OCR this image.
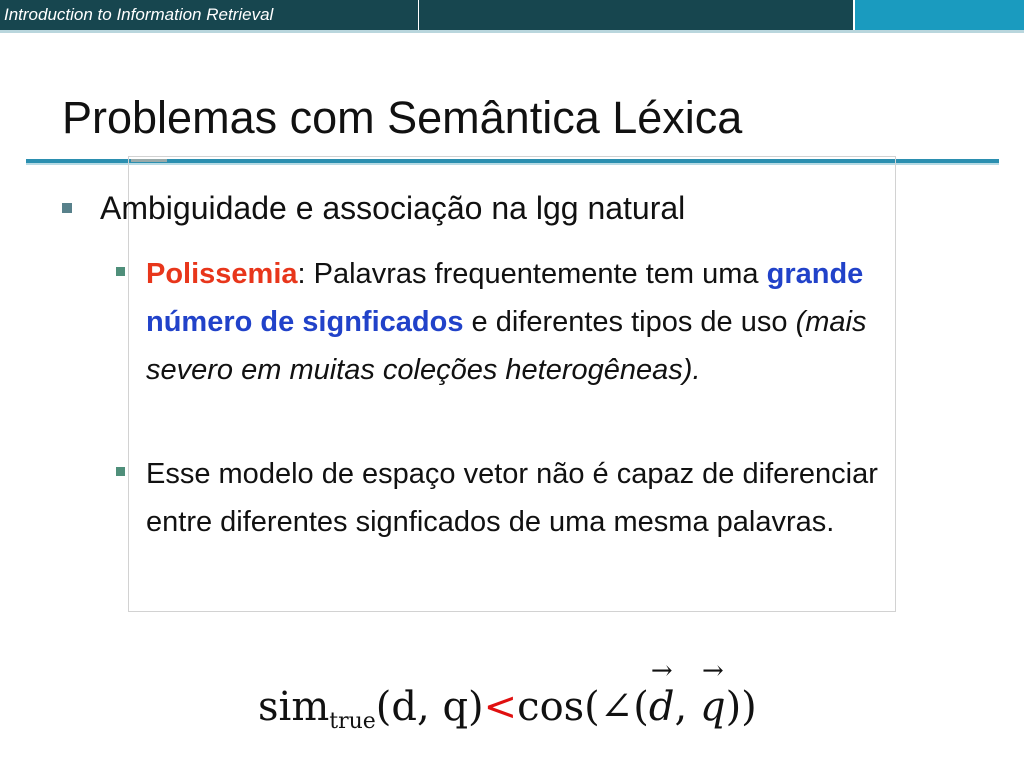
Introduction to Information Retrieval
Problemas com Semântica Léxica
Ambiguidade e associação na lgg natural
Polissemia: Palavras frequentemente tem uma grande número de signficados e diferentes tipos de uso (mais severo em muitas coleções heterogêneas).
Esse modelo de espaço vetor não é capaz de diferenciar entre diferentes signficados de uma mesma palavras.
sim$_{true}$(d, q)<cos(∠(→ d, → q))
